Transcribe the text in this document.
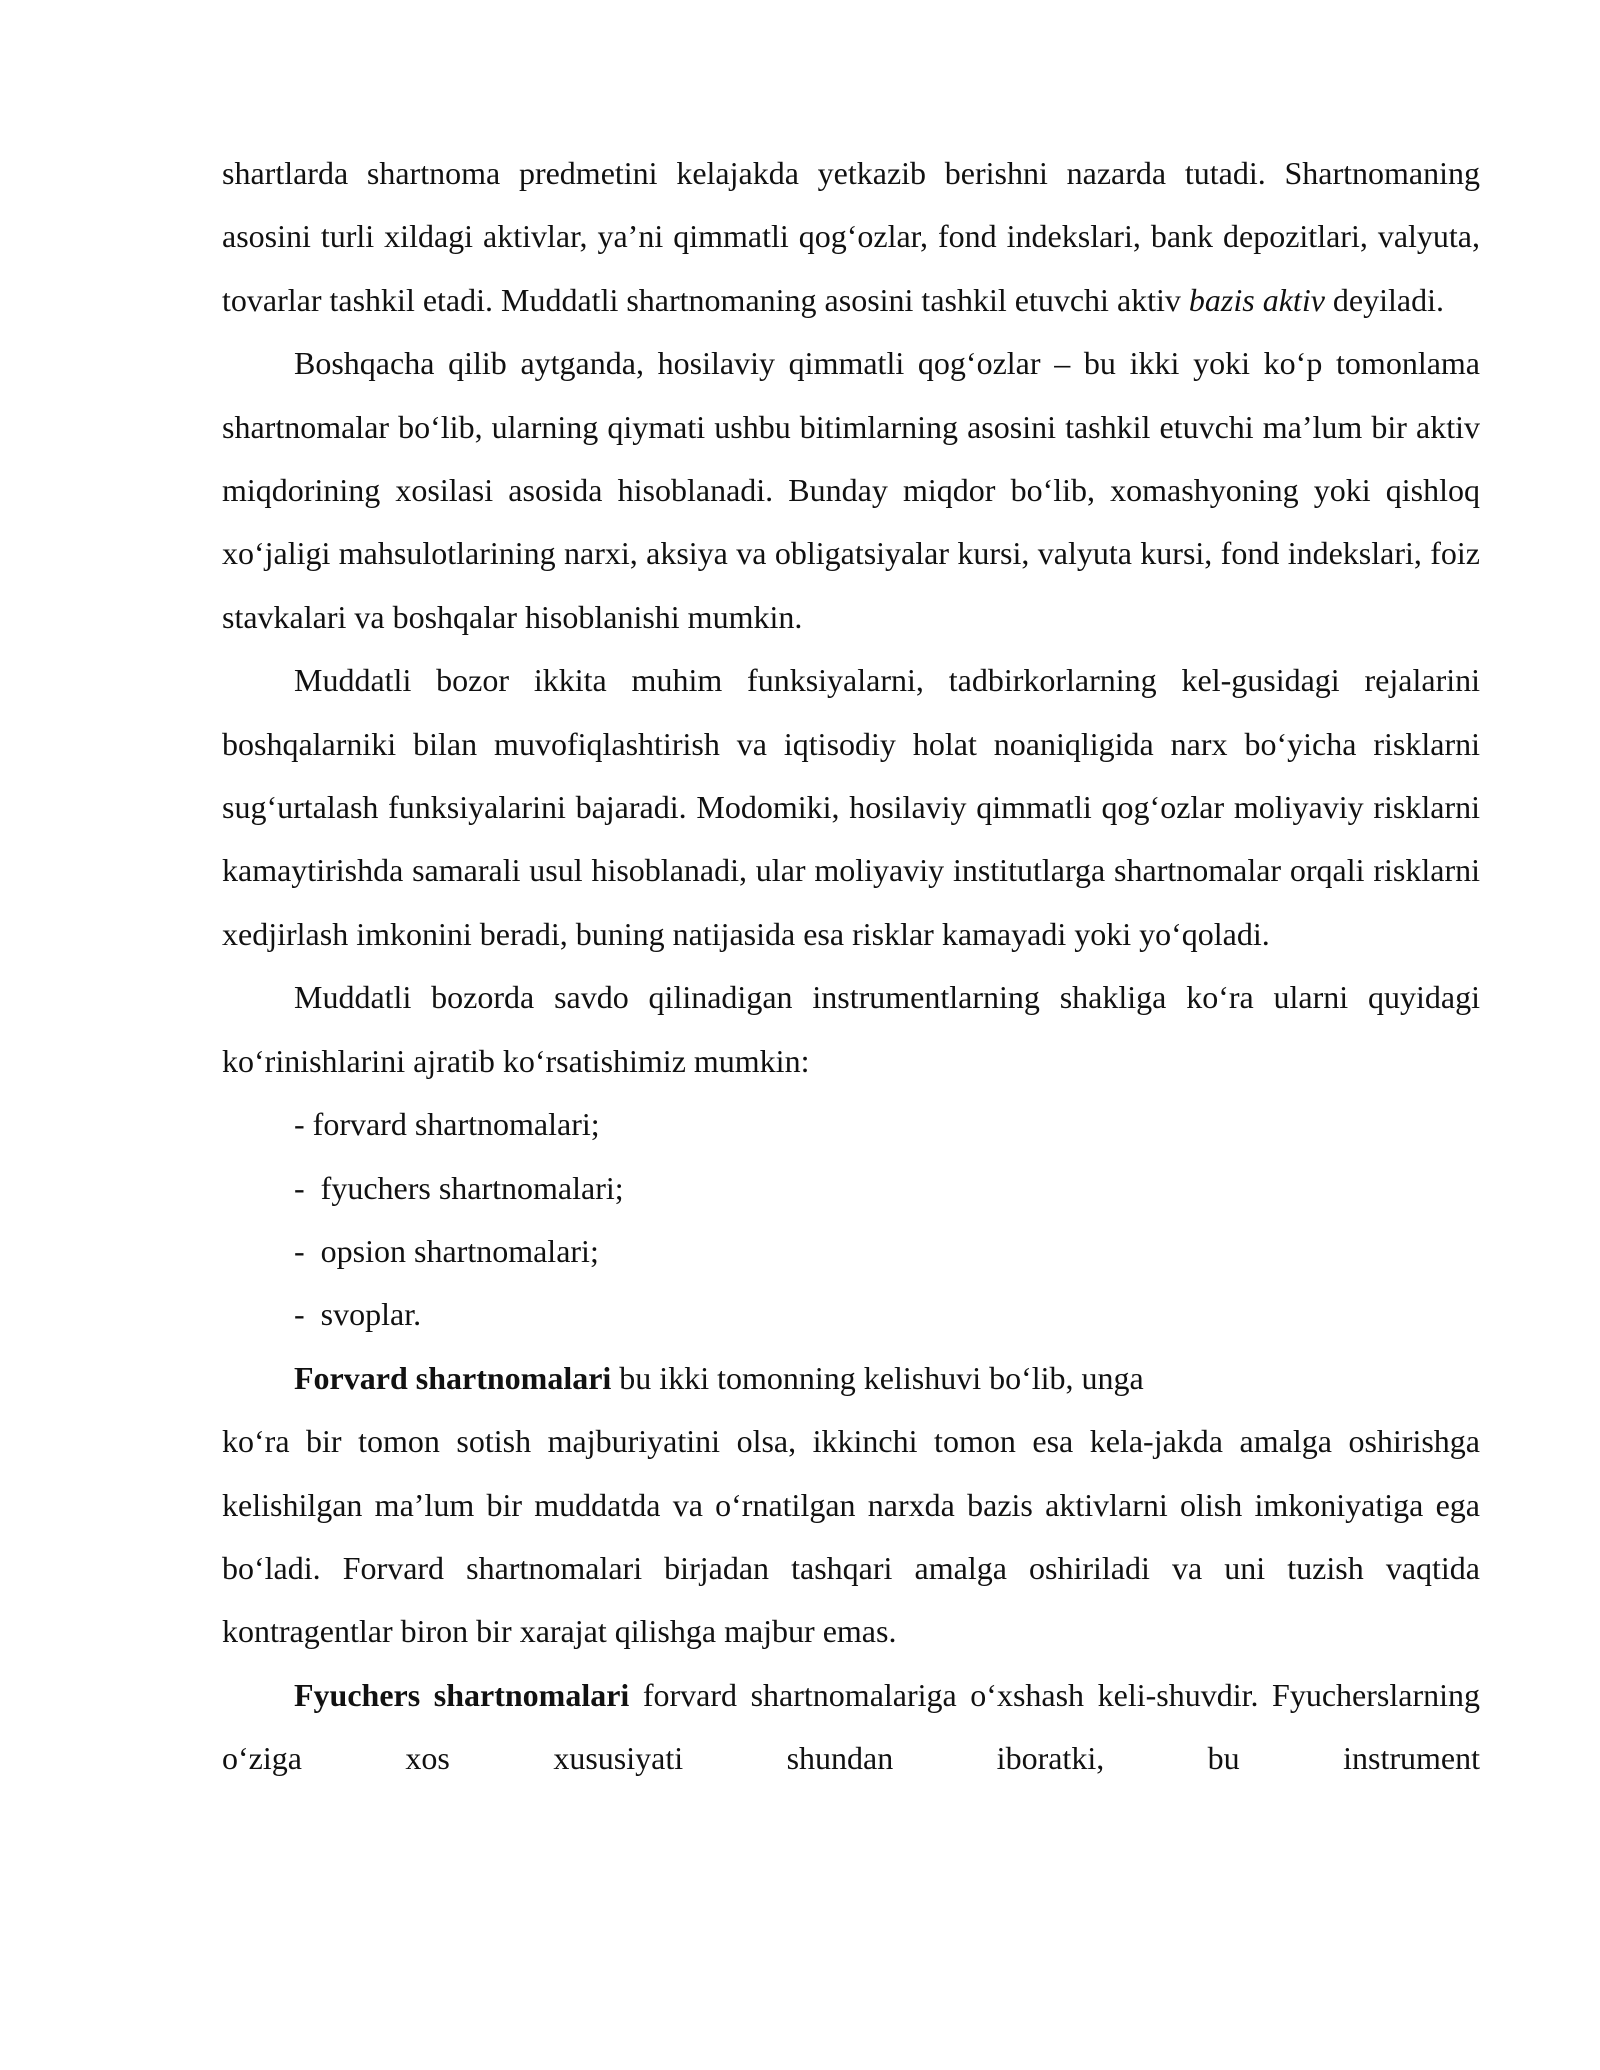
shartlarda shartnoma predmetini kelajakda yetkazib berishni nazarda tutadi. Shartnomaning asosini turli xildagi aktivlar, ya’ni qimmatli qog‘ozlar, fond indekslari, bank depozitlari, valyuta, tovarlar tashkil etadi. Muddatli shartnomaning asosini tashkil etuvchi aktiv bazis aktiv deyiladi.

Boshqacha qilib aytganda, hosilaviy qimmatli qog‘ozlar – bu ikki yoki ko‘p tomonlama shartnomalar bo‘lib, ularning qiymati ushbu bitimlarning asosini tashkil etuvchi ma’lum bir aktiv miqdorining xosilasi asosida hisoblanadi. Bunday miqdor bo‘lib, xomashyoning yoki qishloq xo‘jaligi mahsulotlarining narxi, aksiya va obligatsiyalar kursi, valyuta kursi, fond indekslari, foiz stavkalari va boshqalar hisoblanishi mumkin.

Muddatli bozor ikkita muhim funksiyalarni, tadbirkorlarning kel-gusidagi rejalarini boshqalarniki bilan muvofiqlashtirish va iqtisodiy holat noaniqligida narx bo‘yicha risklarni sug‘urtalash funksiyalarini bajaradi. Modomiki, hosilaviy qimmatli qog‘ozlar moliyaviy risklarni kamaytirishda samarali usul hisoblanadi, ular moliyaviy institutlarga shartnomalar orqali risklarni xedjirlash imkonini beradi, buning natijasida esa risklar kamayadi yoki yo‘qoladi.

Muddatli bozorda savdo qilinadigan instrumentlarning shakliga ko‘ra ularni quyidagi ko‘rinishlarini ajratib ko‘rsatishimiz mumkin:

- forvard shartnomalari;

-  fyuchers shartnomalari;

-  opsion shartnomalari;

-  svoplar.

Forvard shartnomalari bu ikki tomonning kelishuvi bo‘lib, unga

ko‘ra bir tomon sotish majburiyatini olsa, ikkinchi tomon esa kela-jakda amalga oshirishga kelishilgan ma’lum bir muddatda va o‘rnatilgan narxda bazis aktivlarni olish imkoniyatiga ega bo‘ladi. Forvard shartnomalari birjadan tashqari amalga oshiriladi va uni tuzish vaqtida kontragentlar biron bir xarajat qilishga majbur emas.

Fyuchers shartnomalari forvard shartnomalariga o‘xshash keli-shuvdir. Fyucherslarning o‘ziga xos xususiyati shundan iboratki, bu instrument
